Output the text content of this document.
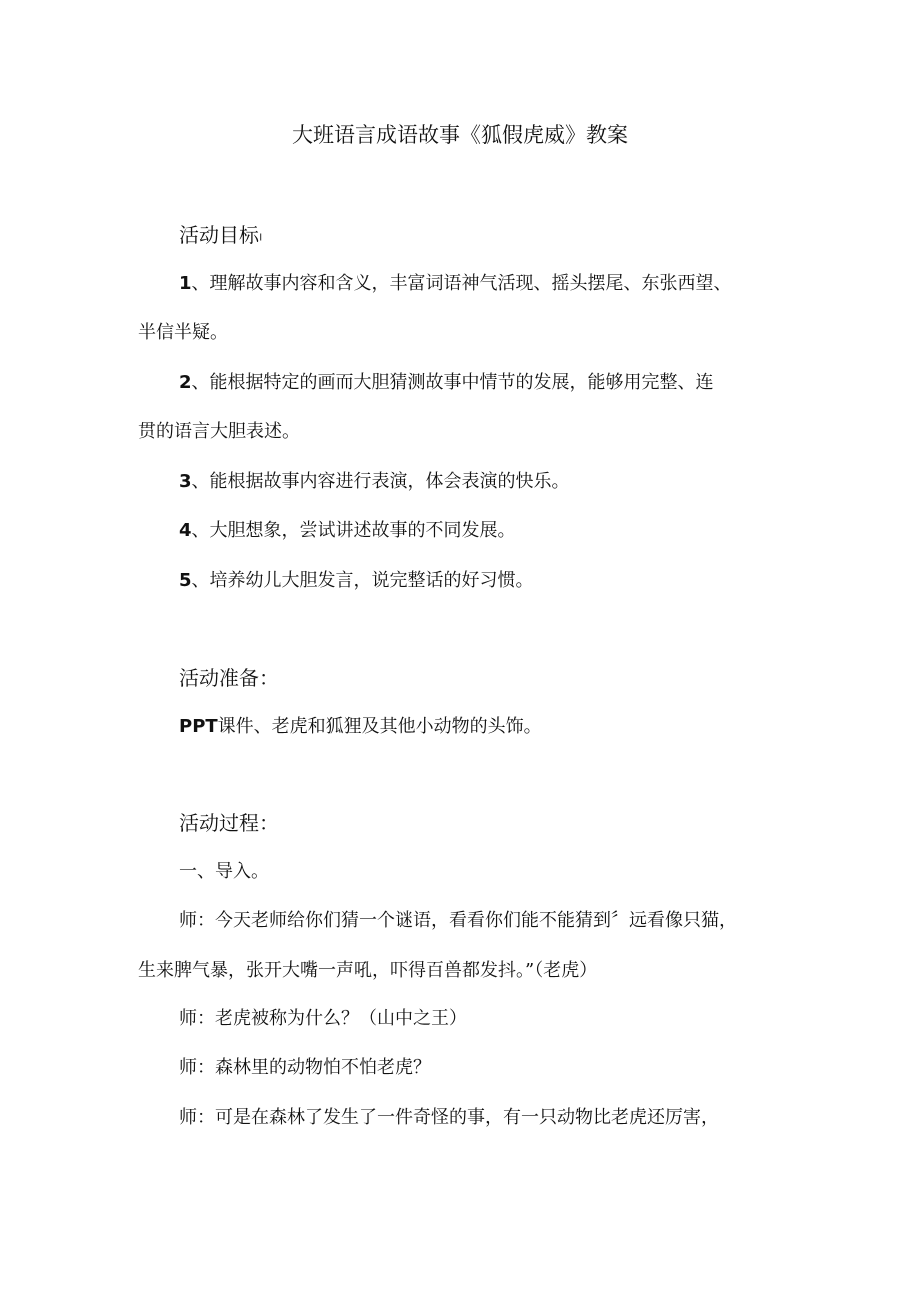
大班语言成语故事《狐假虎威》教案
活动目标ı
1、理解故事内容和含义，丰富词语神气活现、摇头摆尾、东张西望、
半信半疑。
2、能根据特定的画而大胆猜测故事中情节的发展，能够用完整、连
贯的语言大胆表述。
3、能根据故事内容进行表演，体会表演的快乐。
4、大胆想象，尝试讲述故事的不同发展。
5、培养幼儿大胆发言，说完整话的好习惯。
活动准备：
PPT课件、老虎和狐狸及其他小动物的头饰。
活动过程：
一、导入。
师：今天老师给你们猜一个谜语，看看你们能不能猜到〞远看像只猫，
生来脾气暴，张开大嘴一声吼，吓得百兽都发抖。”（老虎）
师：老虎被称为什么？（山中之王）
师：森林里的动物怕不怕老虎？
师：可是在森林了发生了一件奇怪的事，有一只动物比老虎还厉害，
